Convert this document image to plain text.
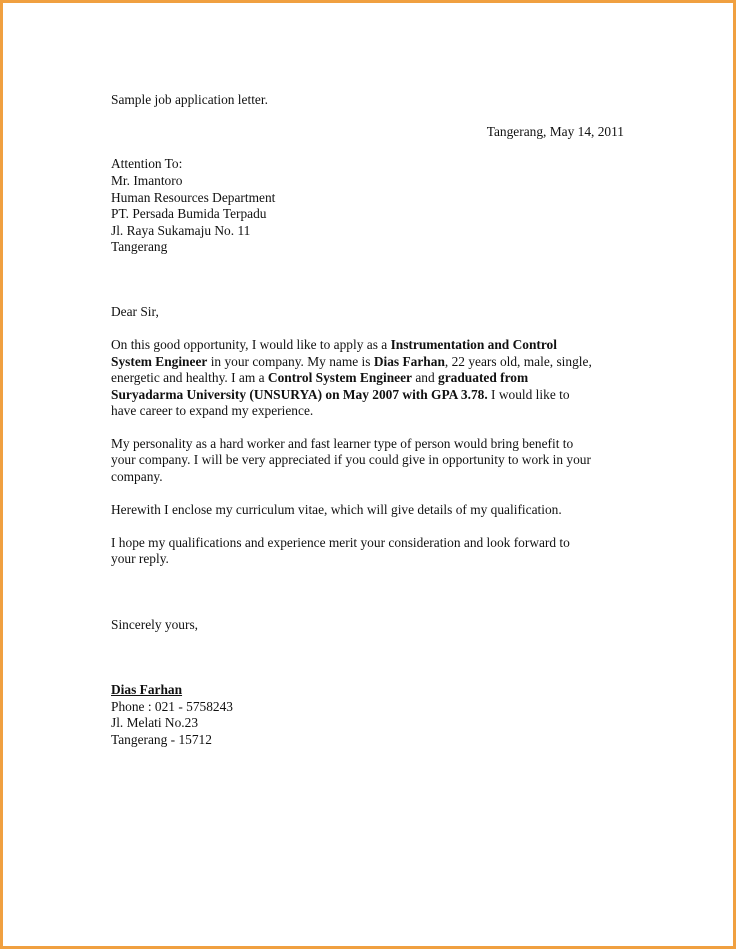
Sample job application letter.
Tangerang, May 14, 2011
Attention To:
Mr. Imantoro
Human Resources Department
PT. Persada Bumida Terpadu
Jl. Raya Sukamaju No. 11
Tangerang
Dear Sir,
On this good opportunity, I would like to apply as a Instrumentation and Control
System Engineer in your company. My name is Dias Farhan, 22 years old, male, single,
energetic and healthy. I am a Control System Engineer and graduated from
Suryadarma University (UNSURYA) on May 2007 with GPA 3.78. I would like to
have career to expand my experience.
My personality as a hard worker and fast learner type of person would bring benefit to
your company. I will be very appreciated if you could give in opportunity to work in your
company.
Herewith I enclose my curriculum vitae, which will give details of my qualification.
I hope my qualifications and experience merit your consideration and look forward to
your reply.
Sincerely yours,
Dias Farhan
Phone : 021 - 5758243
Jl. Melati No.23
Tangerang - 15712
